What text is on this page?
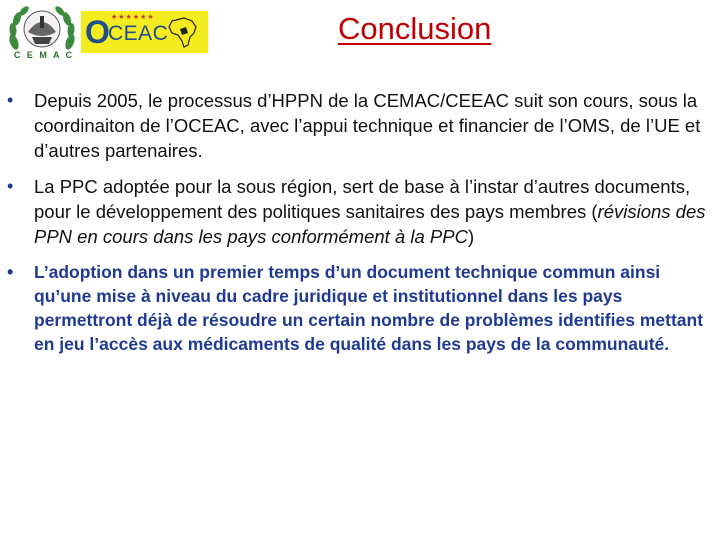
C E M A C
★★★★★★
O
CEAC	Conclusion
• Depuis 2005, le processus d’HPPN de la CEMAC/CEEAC suit son cours, sous la coordinaiton de l’OCEAC, avec l’appui technique et financier de l’OMS, de l’UE et d’autres partenaires.
• La PPC adoptée pour la sous région, sert de base à l’instar d’autres documents, pour le développement des politiques sanitaires des pays membres (révisions des PPN en cours dans les pays conformément à la PPC)
• L’adoption dans un premier temps d’un document technique commun ainsi qu’une mise à niveau du cadre juridique et institutionnel dans les pays permettront déjà de résoudre un certain nombre de problèmes identifies mettant en jeu l’accès aux médicaments de qualité dans les pays de la communauté.
